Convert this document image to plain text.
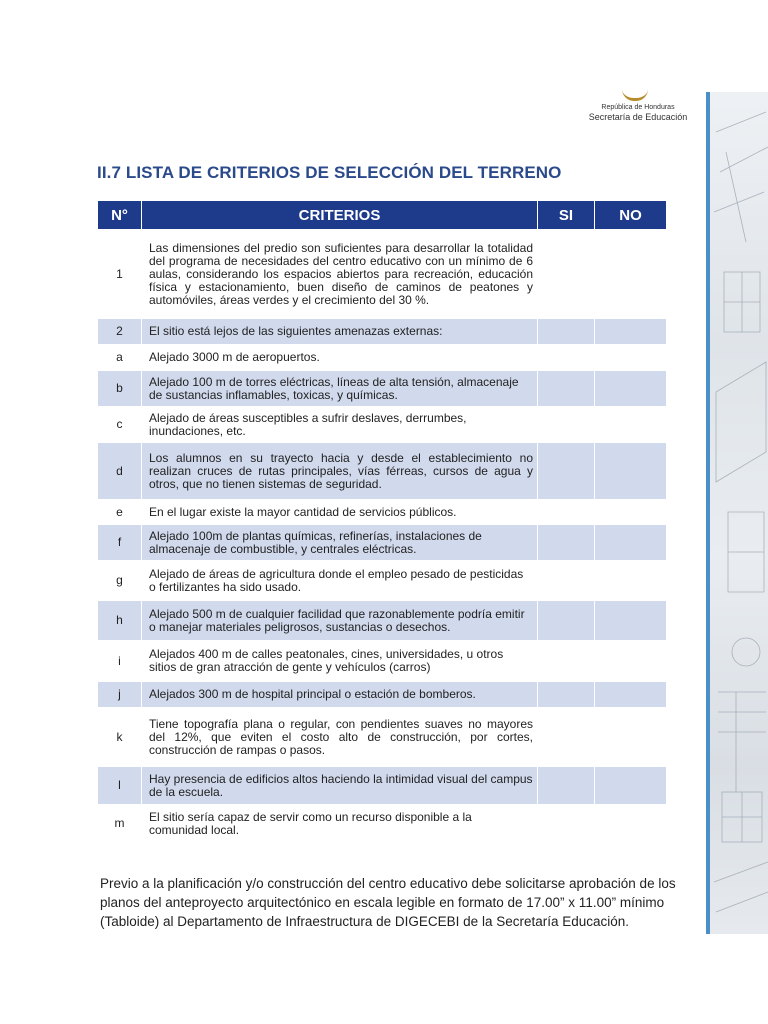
República de Honduras
Secretaría de Educación
II.7 LISTA DE CRITERIOS DE SELECCIÓN DEL TERRENO
N°	CRITERIOS	SI	NO
1	Las dimensiones del predio son suficientes para desarrollar la totalidad del programa de necesidades del centro educativo con un mínimo de 6 aulas, considerando los espacios abiertos para recreación, educación física y estacionamiento, buen diseño de caminos de peatones y automóviles, áreas verdes y el crecimiento del 30 %.		
2	El sitio está lejos de las siguientes amenazas externas:		
a	Alejado 3000 m de aeropuertos.		
b	Alejado 100 m de torres eléctricas, líneas de alta tensión, almacenaje de sustancias inflamables, toxicas, y químicas.		
c	Alejado de áreas susceptibles a sufrir deslaves, derrumbes, inundaciones, etc.		
d	Los alumnos en su trayecto hacia y desde el establecimiento no realizan cruces de rutas principales, vías férreas, cursos de agua y otros, que no tienen sistemas de seguridad.		
e	En el lugar existe la mayor cantidad de servicios públicos.		
f	Alejado 100m de plantas químicas, refinerías, instalaciones de almacenaje de combustible, y centrales eléctricas.		
g	Alejado de áreas de agricultura donde el empleo pesado de pesticidas o fertilizantes ha sido usado.		
h	Alejado 500 m de cualquier facilidad que razonablemente podría emitir o manejar materiales peligrosos, sustancias o desechos.		
i	Alejados 400 m de calles peatonales, cines, universidades, u otros sitios de gran atracción de gente y vehículos (carros)		
j	Alejados 300 m de hospital principal o estación de bomberos.		
k	Tiene topografía plana o regular, con pendientes suaves no mayores del 12%, que eviten el costo alto de construcción, por cortes, construcción de rampas o pasos.		
l	Hay presencia de edificios altos haciendo la intimidad visual del campus de la escuela.		
m	El sitio sería capaz de servir como un recurso disponible a la comunidad local.		

Previo a la planificación y/o construcción del centro educativo debe solicitarse aprobación de los planos del anteproyecto arquitectónico en escala legible en formato de 17.00” x 11.00” mínimo (Tabloide) al Departamento de Infraestructura de DIGECEBI de la Secretaría Educación.
